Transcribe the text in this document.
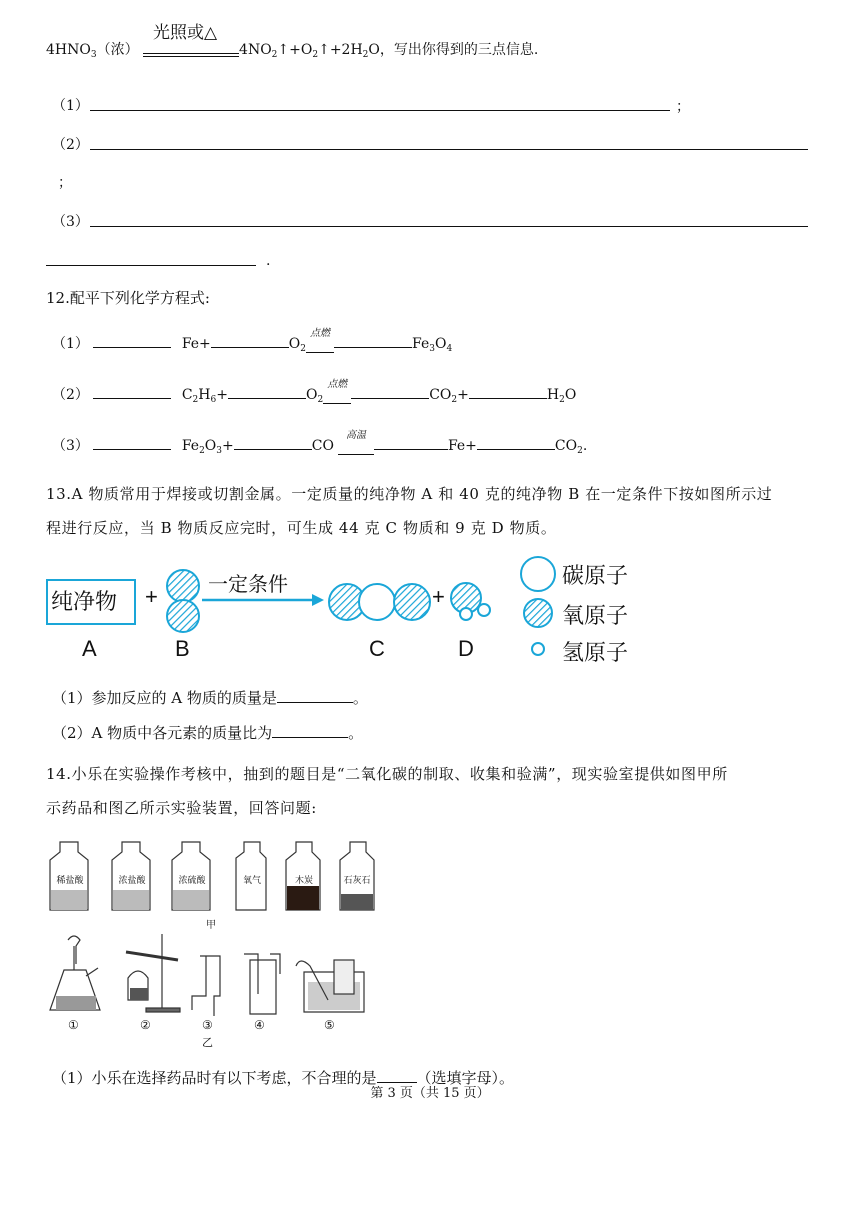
$4HNO_3$（浓）
光照或△
$4NO_2↑+O_2↑+2H_2O$，写出你得到的三点信息.
（1）	；
（2）
；
（3）
.
12.配平下列化学方程式:
（1）	Fe+	$O_2$
点燃
$Fe_3O_4$
（2）	$C_2H_6+$	$O_2$
点燃
$CO_2+$	$H_2O$
（3）	$Fe_2O_3+$	CO
高温
Fe+	$CO_2$.
13.A 物质常用于焊接或切割金属。一定质量的纯净物 A 和 40 克的纯净物 B 在一定条件下按如图所示过
程进行反应，当 B 物质反应完时，可生成 44 克 C 物质和 9 克 D 物质。
纯净物 +	一定条件	+
A	B	C	D
碳原子
氧原子
氢原子
（1）参加反应的 A 物质的质量是	。
（2）A 物质中各元素的质量比为	。
14.小乐在实验操作考核中，抽到的题目是“二氧化碳的制取、收集和验满”，现实验室提供如图甲所
示药品和图乙所示实验装置，回答问题:
稀盐酸	浓盐酸	浓硫酸	氧气	木炭	石灰石
甲
①	②	③	④	⑤
乙
（1）小乐在选择药品时有以下考虑，不合理的是	（选填字母）。
第 3 页（共 15 页）
